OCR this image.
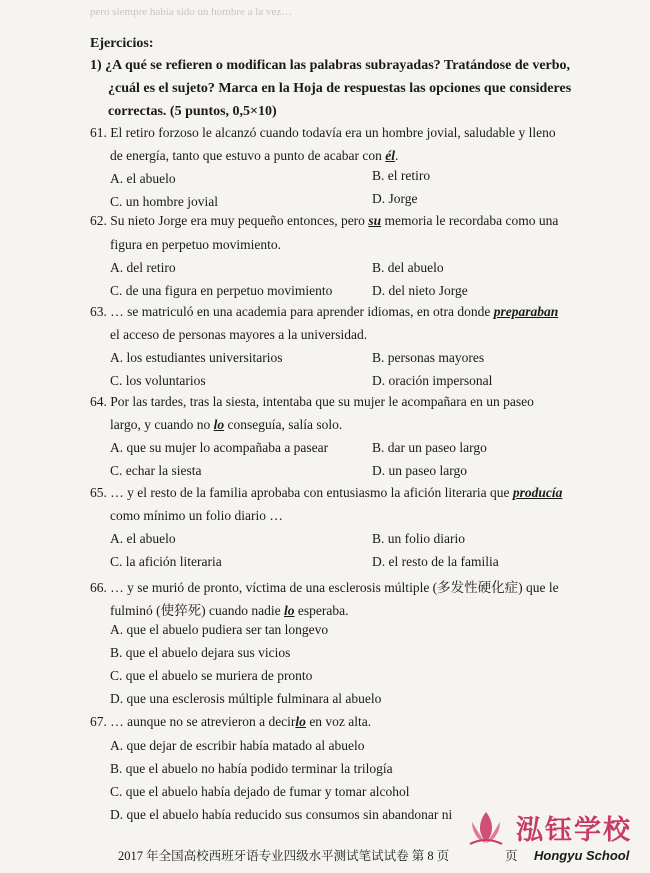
pero siempre había sido un hombre a la vez…
Ejercicios:
1) ¿A qué se refieren o modifican las palabras subrayadas? Tratándose de verbo,
¿cuál es el sujeto? Marca en la Hoja de respuestas las opciones que consideres
correctas. (5 puntos, 0,5×10)
61. El retiro forzoso le alcanzó cuando todavía era un hombre jovial, saludable y lleno
de energía, tanto que estuvo a punto de acabar con él.
A. el abuelo	B. el retiro
C. un hombre jovial	D. Jorge
62. Su nieto Jorge era muy pequeño entonces, pero su memoria le recordaba como una
figura en perpetuo movimiento.
A. del retiro	B. del abuelo
C. de una figura en perpetuo movimiento	D. del nieto Jorge
63. … se matriculó en una academia para aprender idiomas, en otra donde preparaban
el acceso de personas mayores a la universidad.
A. los estudiantes universitarios	B. personas mayores
C. los voluntarios	D. oración impersonal
64. Por las tardes, tras la siesta, intentaba que su mujer le acompañara en un paseo
largo, y cuando no lo conseguía, salía solo.
A. que su mujer lo acompañaba a pasear	B. dar un paseo largo
C. echar la siesta	D. un paseo largo
65. … y el resto de la familia aprobaba con entusiasmo la afición literaria que producía
como mínimo un folio diario …
A. el abuelo	B. un folio diario
C. la afición literaria	D. el resto de la familia
66. … y se murió de pronto, víctima de una esclerosis múltiple (多发性硬化症) que le
fulminó (使猝死) cuando nadie lo esperaba.
A. que el abuelo pudiera ser tan longevo
B. que el abuelo dejara sus vicios
C. que el abuelo se muriera de pronto
D. que una esclerosis múltiple fulminara al abuelo
67. … aunque no se atrevieron a decirlo en voz alta.
A. que dejar de escribir había matado al abuelo
B. que el abuelo no había podido terminar la trilogía
C. que el abuelo había dejado de fumar y tomar alcohol
D. que el abuelo había reducido sus consumos sin abandonar ni
2017 年全国高校西班牙语专业四级水平测试笔试试卷 第 8 页	页
泓钰学校
Hongyu School
